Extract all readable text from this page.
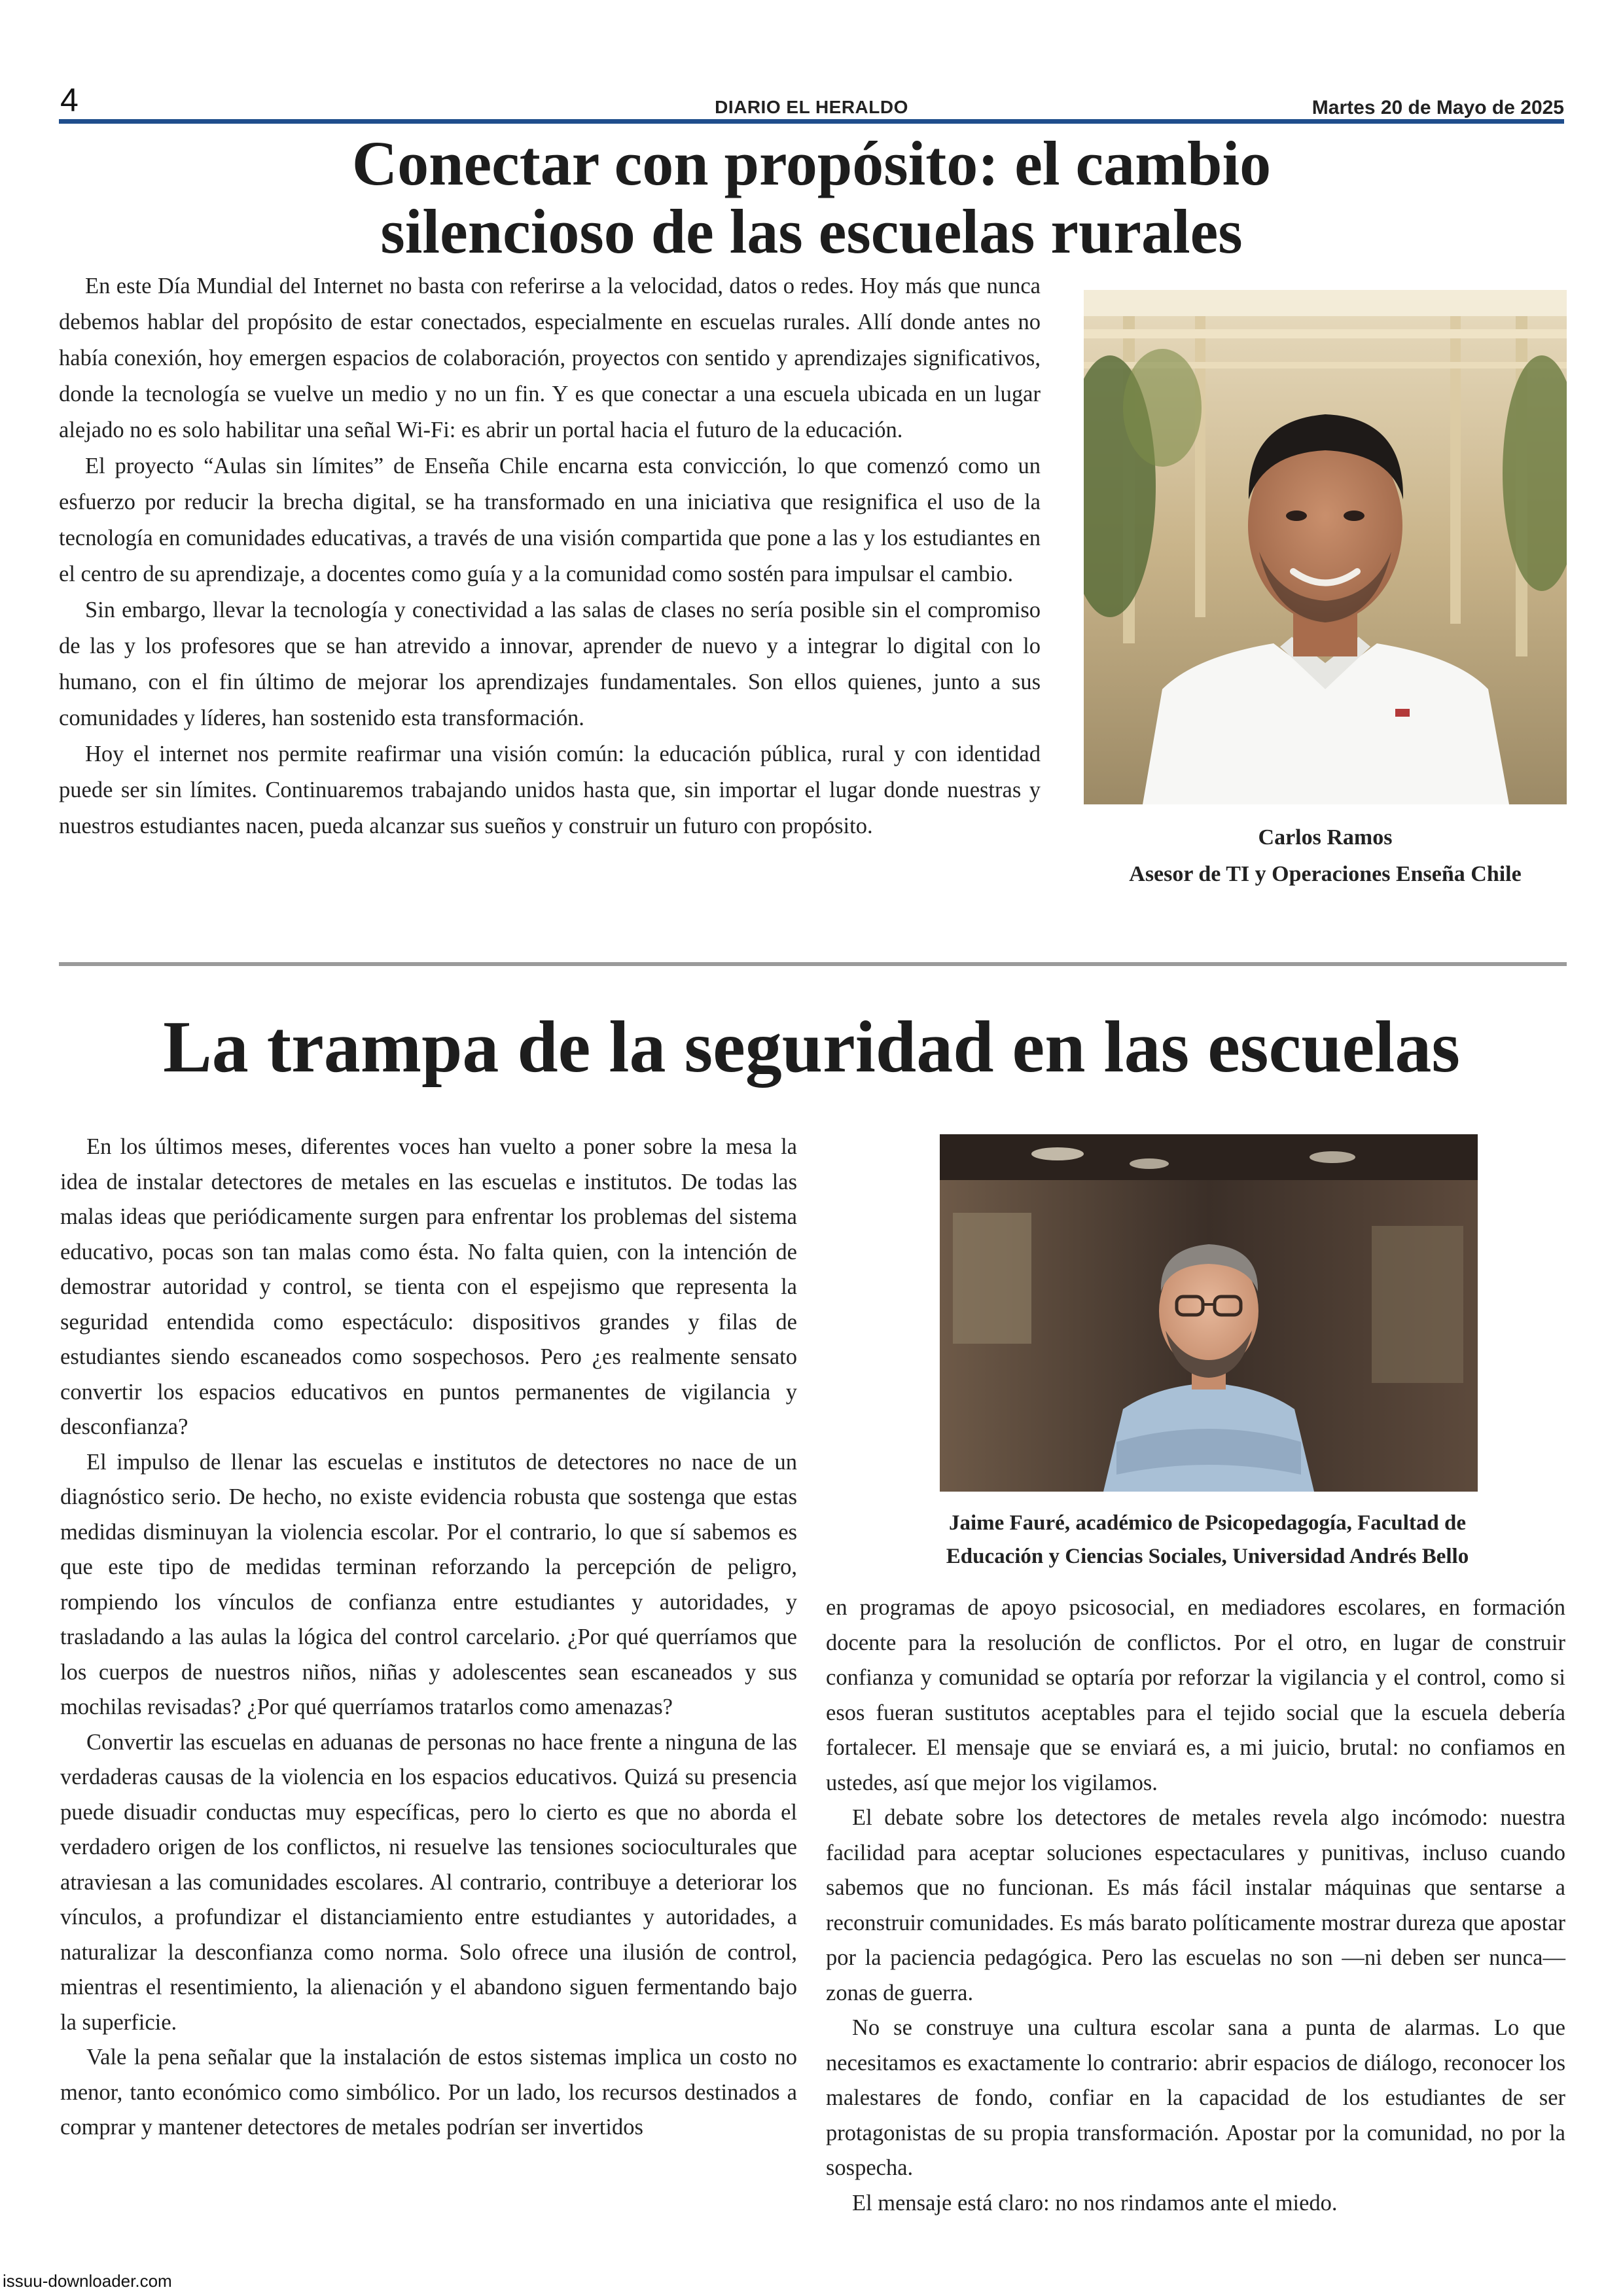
4	DIARIO EL HERALDO	Martes 20 de Mayo de 2025
Conectar con propósito: el cambio
silencioso de las escuelas rurales

En este Día Mundial del Internet no basta con referirse a la velocidad, datos o redes. Hoy más que nunca debemos hablar del propósito de estar conectados, especialmente en escuelas rurales. Allí donde antes no había conexión, hoy emergen espacios de colaboración, proyectos con sentido y aprendizajes significativos, donde la tecnología se vuelve un medio y no un fin. Y es que conectar a una escuela ubicada en un lugar alejado no es solo habilitar una señal Wi-Fi: es abrir un portal hacia el futuro de la educación.

El proyecto “Aulas sin límites” de Enseña Chile encarna esta convicción, lo que comenzó como un esfuerzo por reducir la brecha digital, se ha transformado en una iniciativa que resignifica el uso de la tecnología en comunidades educativas, a través de una visión compartida que pone a las y los estudiantes en el centro de su aprendizaje, a docentes como guía y a la comunidad como sostén para impulsar el cambio.

Sin embargo, llevar la tecnología y conectividad a las salas de clases no sería posible sin el compromiso de las y los profesores que se han atrevido a innovar, aprender de nuevo y a integrar lo digital con lo humano, con el fin último de mejorar los aprendizajes fundamentales. Son ellos quienes, junto a sus comunidades y líderes, han sostenido esta transformación.

Hoy el internet nos permite reafirmar una visión común: la educación pública, rural y con identidad puede ser sin límites. Continuaremos trabajando unidos hasta que, sin importar el lugar donde nuestras y nuestros estudiantes nacen, pueda alcanzar sus sueños y construir un futuro con propósito.	Carlos Ramos
Asesor de TI y Operaciones Enseña Chile
La trampa de la seguridad en las escuelas

En los últimos meses, diferentes voces han vuelto a poner sobre la mesa la idea de instalar detectores de metales en las escuelas e institutos. De todas las malas ideas que periódicamente surgen para enfrentar los problemas del sistema educativo, pocas son tan malas como ésta. No falta quien, con la intención de demostrar autoridad y control, se tienta con el espejismo que representa la seguridad entendida como espectáculo: dispositivos grandes y filas de estudiantes siendo escaneados como sospechosos. Pero ¿es realmente sensato convertir los espacios educativos en puntos permanentes de vigilancia y desconfianza?

El impulso de llenar las escuelas e institutos de detectores no nace de un diagnóstico serio. De hecho, no existe evidencia robusta que sostenga que estas medidas disminuyan la violencia escolar. Por el contrario, lo que sí sabemos es que este tipo de medidas terminan reforzando la percepción de peligro, rompiendo los vínculos de confianza entre estudiantes y autoridades, y trasladando a las aulas la lógica del control carcelario. ¿Por qué querríamos que los cuerpos de nuestros niños, niñas y adolescentes sean escaneados y sus mochilas revisadas? ¿Por qué querríamos tratarlos como amenazas?

Convertir las escuelas en aduanas de personas no hace frente a ninguna de las verdaderas causas de la violencia en los espacios educativos. Quizá su presencia puede disuadir conductas muy específicas, pero lo cierto es que no aborda el verdadero origen de los conflictos, ni resuelve las tensiones socioculturales que atraviesan a las comunidades escolares. Al contrario, contribuye a deteriorar los vínculos, a profundizar el distanciamiento entre estudiantes y autoridades, a naturalizar la desconfianza como norma. Solo ofrece una ilusión de control, mientras el resentimiento, la alienación y el abandono siguen fermentando bajo la superficie.

Vale la pena señalar que la instalación de estos sistemas implica un costo no menor, tanto económico como simbólico. Por un lado, los recursos destinados a comprar y mantener detectores de metales podrían ser invertidos

Jaime Fauré, académico de Psicopedagogía, Facultad de
Educación y Ciencias Sociales, Universidad Andrés Bello

en programas de apoyo psicosocial, en mediadores escolares, en formación docente para la resolución de conflictos. Por el otro, en lugar de construir confianza y comunidad se optaría por reforzar la vigilancia y el control, como si esos fueran sustitutos aceptables para el tejido social que la escuela debería fortalecer. El mensaje que se enviará es, a mi juicio, brutal: no confiamos en ustedes, así que mejor los vigilamos.

El debate sobre los detectores de metales revela algo incómodo: nuestra facilidad para aceptar soluciones espectaculares y punitivas, incluso cuando sabemos que no funcionan. Es más fácil instalar máquinas que sentarse a reconstruir comunidades. Es más barato políticamente mostrar dureza que apostar por la paciencia pedagógica. Pero las escuelas no son —ni deben ser nunca— zonas de guerra.

No se construye una cultura escolar sana a punta de alarmas. Lo que necesitamos es exactamente lo contrario: abrir espacios de diálogo, reconocer los malestares de fondo, confiar en la capacidad de los estudiantes de ser protagonistas de su propia transformación. Apostar por la comunidad, no por la sospecha.

El mensaje está claro: no nos rindamos ante el miedo.

issuu-downloader.com
